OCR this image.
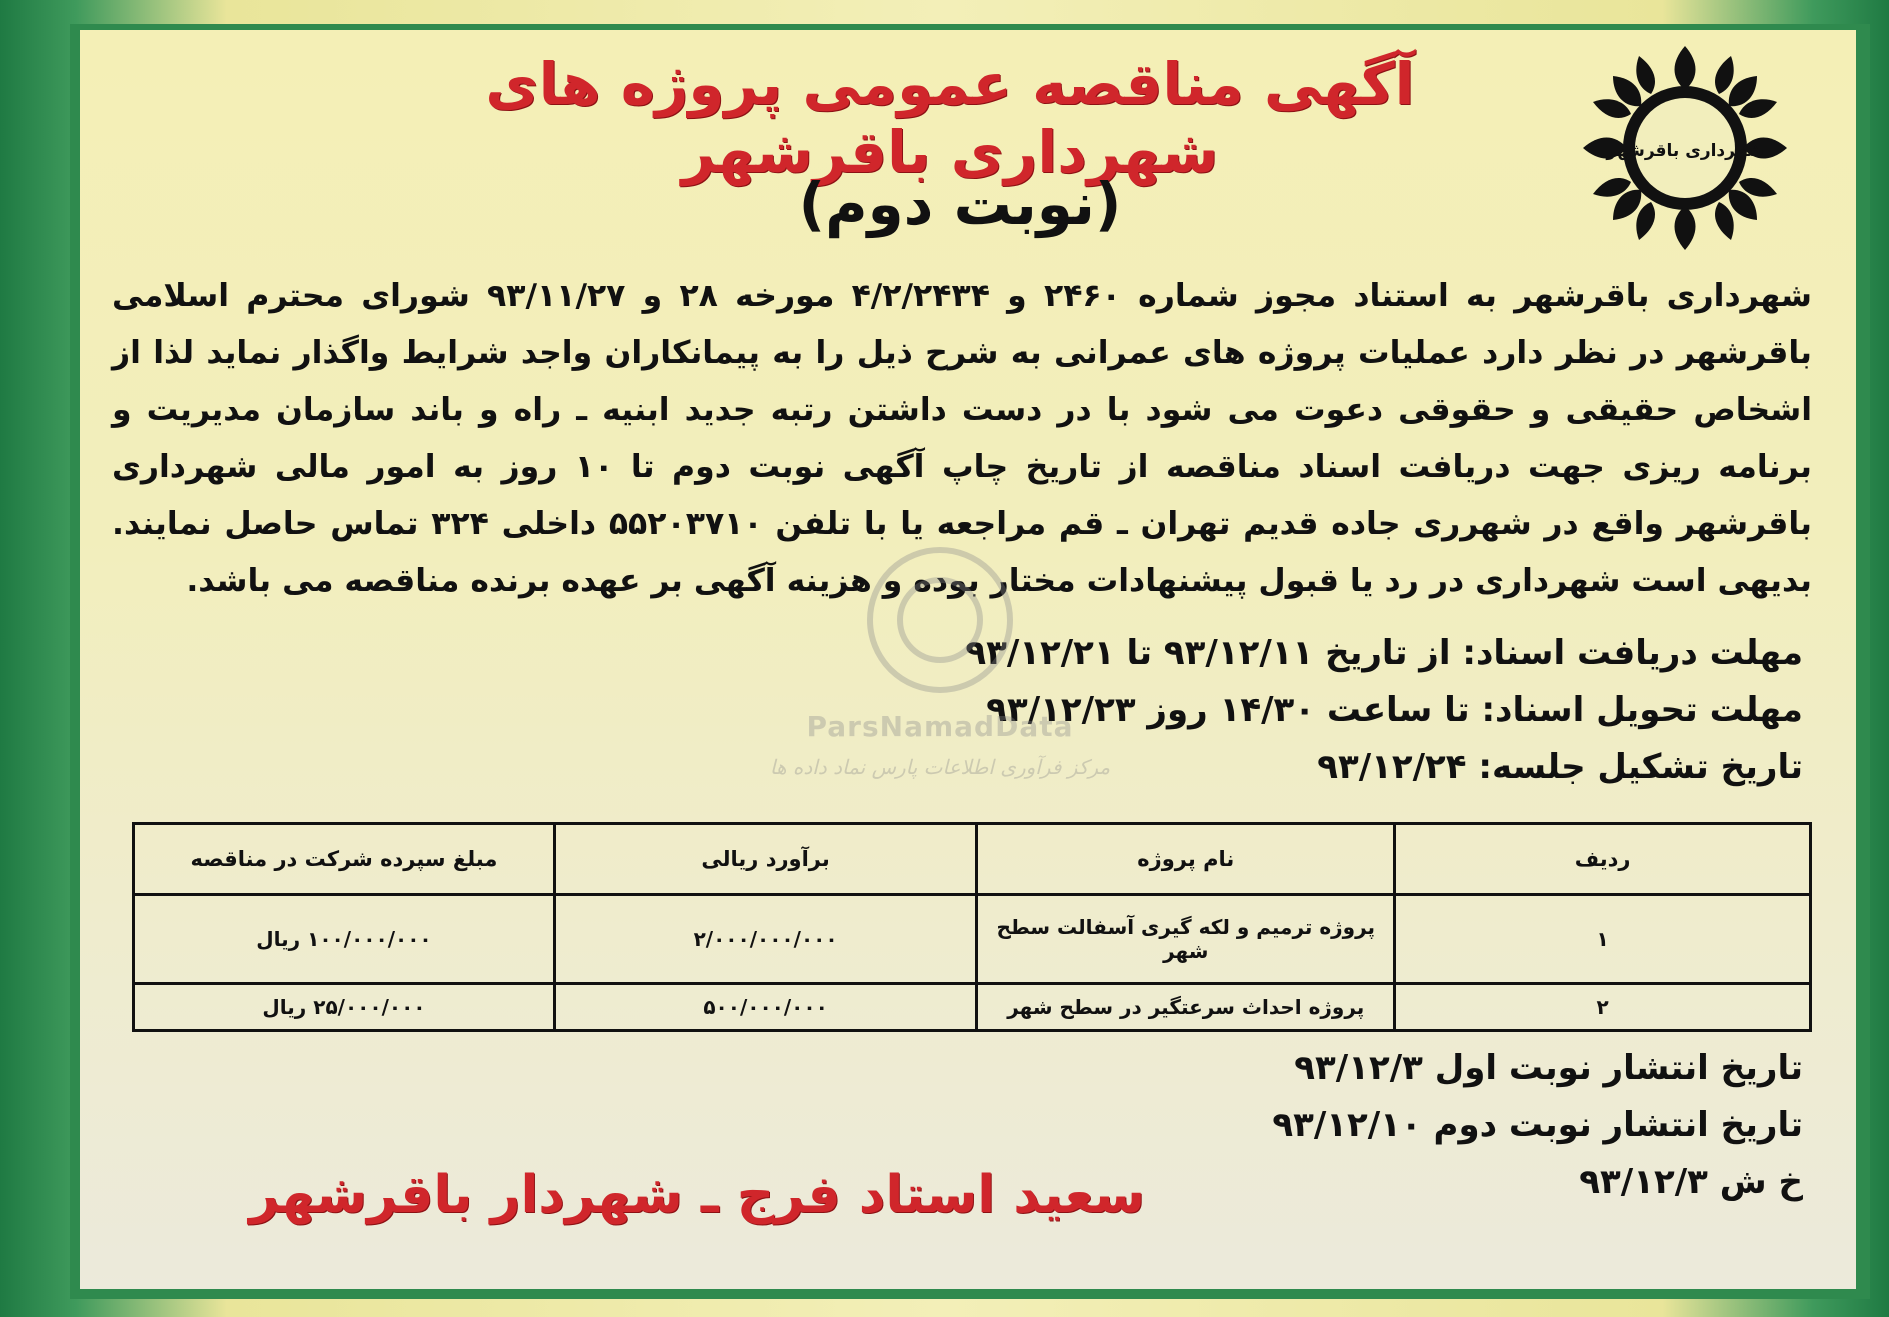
آگهی مناقصه عمومی پروژه های شهرداری باقرشهر
(نوبت دوم)
شهرداری باقرشهر
شهرداری باقرشهر به استناد مجوز شماره ۲۴۶۰ و ۴/۲/۲۴۳۴ مورخه ۲۸ و ۹۳/۱۱/۲۷ شورای محترم اسلامی باقرشهر در نظر دارد عملیات پروژه های عمرانی به شرح ذیل را به پیمانکاران واجد شرایط واگذار نماید لذا از اشخاص حقیقی و حقوقی دعوت می شود با در دست داشتن رتبه جدید ابنیه ـ راه و باند سازمان مدیریت و برنامه ریزی جهت دریافت اسناد مناقصه از تاریخ چاپ آگهی نوبت دوم تا ۱۰ روز به امور مالی شهرداری باقرشهر واقع در شهرری جاده قدیم تهران ـ قم مراجعه یا با تلفن ۵۵۲۰۳۷۱۰ داخلی ۳۲۴ تماس حاصل نمایند. بدیهی است شهرداری در رد یا قبول پیشنهادات مختار بوده و هزینه آگهی بر عهده برنده مناقصه می باشد.
مهلت دریافت اسناد: از تاریخ ۹۳/۱۲/۱۱ تا ۹۳/۱۲/۲۱
مهلت تحویل اسناد: تا ساعت ۱۴/۳۰ روز ۹۳/۱۲/۲۳
تاریخ تشکیل جلسه: ۹۳/۱۲/۲۴
ParsNamadData
مرکز فرآوری اطلاعات پارس نماد داده ها
ردیف	نام پروژه	برآورد ریالی	مبلغ سپرده شرکت در مناقصه
۱	پروژه ترمیم و لکه گیری آسفالت سطح شهر	۲/۰۰۰/۰۰۰/۰۰۰	۱۰۰/۰۰۰/۰۰۰ ریال
۲	پروژه احداث سرعتگیر در سطح شهر	۵۰۰/۰۰۰/۰۰۰	۲۵/۰۰۰/۰۰۰ ریال
تاریخ انتشار نوبت اول ۹۳/۱۲/۳
تاریخ انتشار نوبت دوم ۹۳/۱۲/۱۰
خ ش ۹۳/۱۲/۳
سعید استاد فرج ـ شهردار باقرشهر
